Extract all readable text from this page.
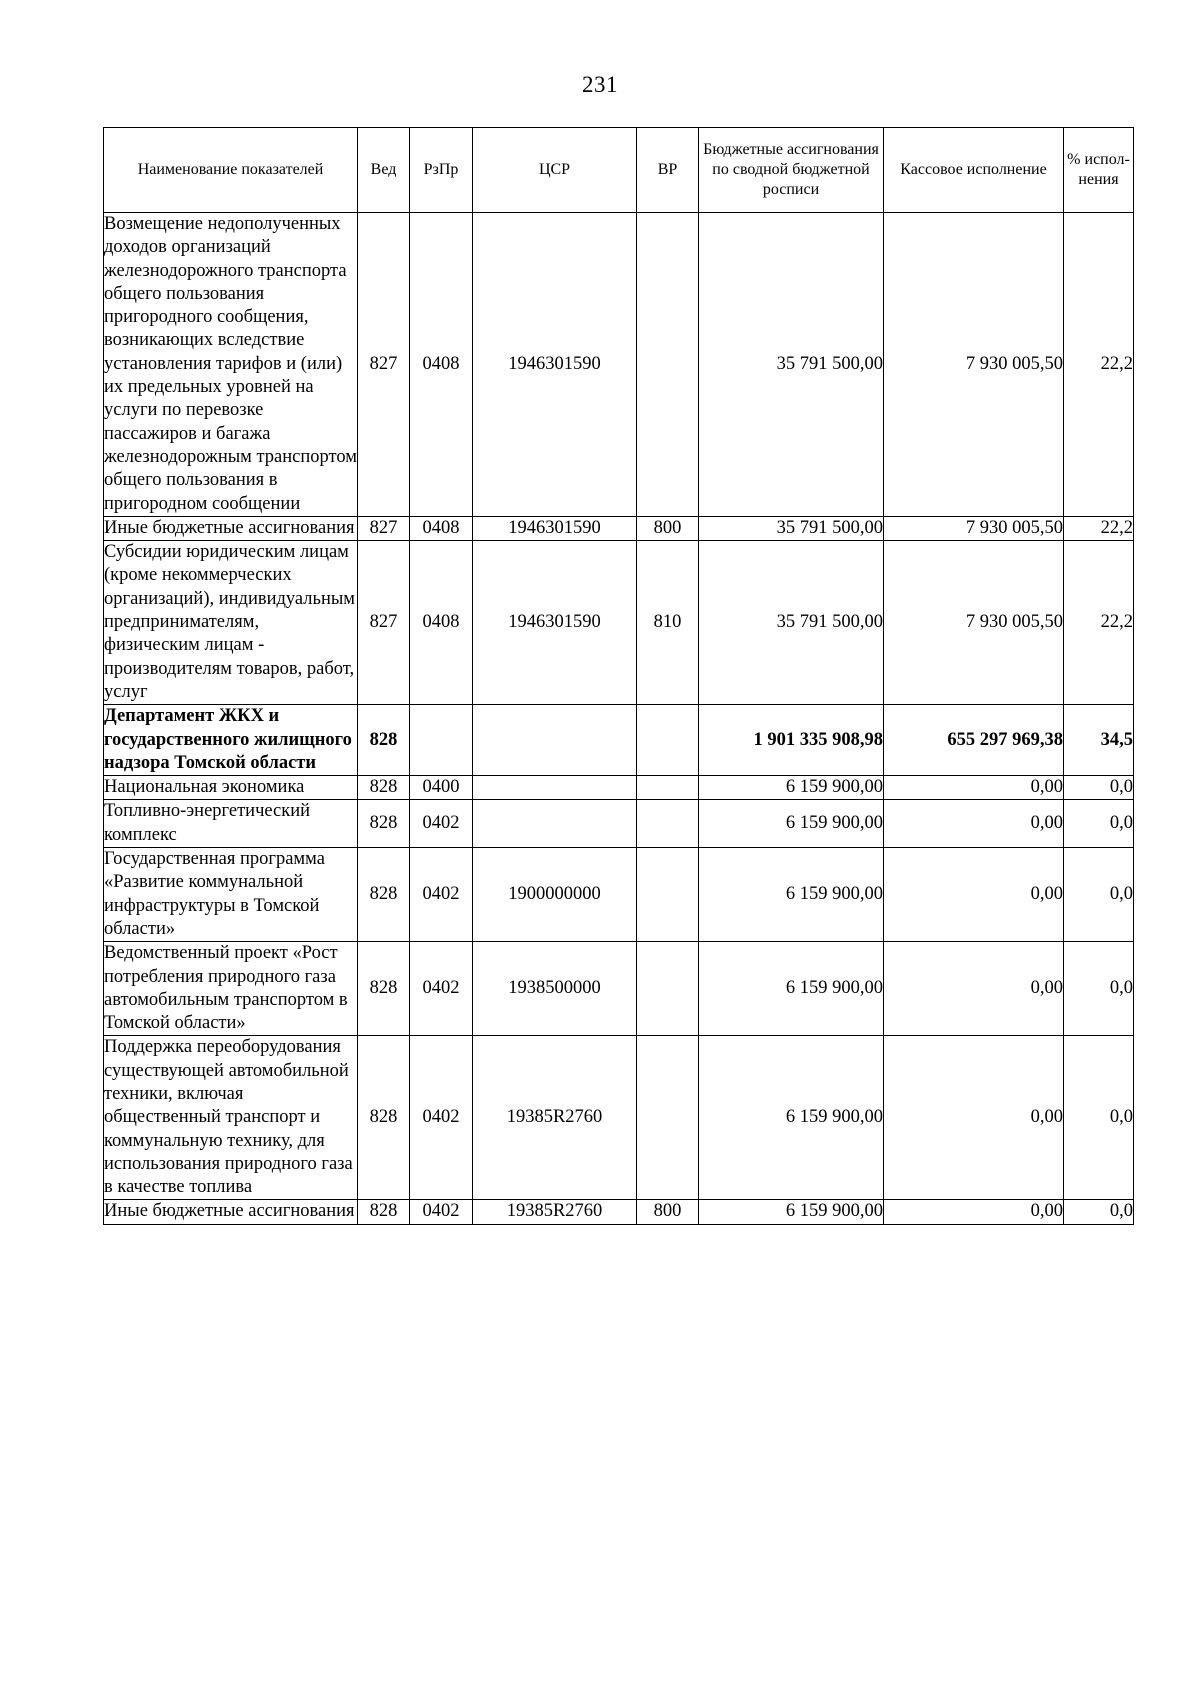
231
Наименование показателей	Вед	РзПр	ЦСР	ВР	Бюджетные ассигнования по сводной бюджетной росписи	Кассовое исполнение	% испол-нения
Возмещение недополученных доходов организаций железнодорожного транспорта общего пользования пригородного сообщения, возникающих вследствие установления тарифов и (или) их предельных уровней на услуги по перевозке пассажиров и багажа железнодорожным транспортом общего пользования в пригородном сообщении	827	0408	1946301590		35 791 500,00	7 930 005,50	22,2
Иные бюджетные ассигнования	827	0408	1946301590	800	35 791 500,00	7 930 005,50	22,2
Субсидии юридическим лицам (кроме некоммерческих организаций), индивидуальным предпринимателям, физическим лицам - производителям товаров, работ, услуг	827	0408	1946301590	810	35 791 500,00	7 930 005,50	22,2
Департамент ЖКХ и государственного жилищного надзора Томской области	828				1 901 335 908,98	655 297 969,38	34,5
Национальная экономика	828	0400			6 159 900,00	0,00	0,0
Топливно-энергетический комплекс	828	0402			6 159 900,00	0,00	0,0
Государственная программа «Развитие коммунальной инфраструктуры в Томской области»	828	0402	1900000000		6 159 900,00	0,00	0,0
Ведомственный проект «Рост потребления природного газа автомобильным транспортом в Томской области»	828	0402	1938500000		6 159 900,00	0,00	0,0
Поддержка переоборудования существующей автомобильной техники, включая общественный транспорт и коммунальную технику, для использования природного газа в качестве топлива	828	0402	19385R2760		6 159 900,00	0,00	0,0
Иные бюджетные ассигнования	828	0402	19385R2760	800	6 159 900,00	0,00	0,0
